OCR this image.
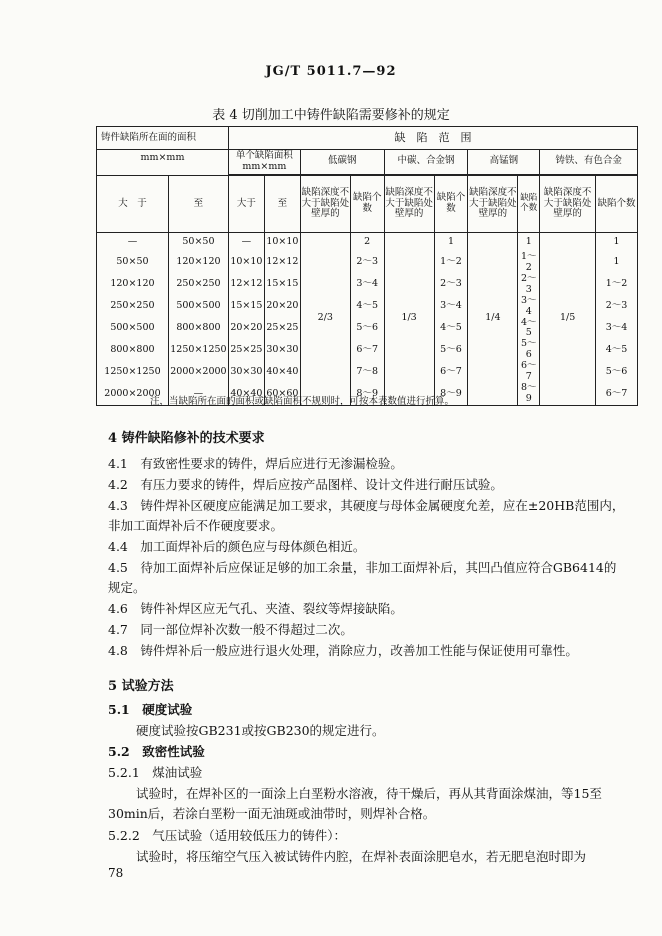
JG/T 5011.7—92
表 4 切削加工中铸件缺陷需要修补的规定
铸件缺陷所在面的面积		缺　陷　范　围									
mm×mm		单个缺陷面积
mm×mm		低碳钢		中碳、合金钢		高锰钢		铸铁、有色合金	

大　于	至	大于	至	缺陷深度不大于缺陷处壁厚的	缺陷个数	缺陷深度不大于缺陷处壁厚的	缺陷个数	缺陷深度不大于缺陷处壁厚的	缺陷个数	缺陷深度不大于缺陷处壁厚的	缺陷个数
—	50×50	—	10×10	2/3	2	1/3	1	1/4	1	1/5	1
50×50	120×120	10×10	12×12		2～3		1～2		1～2		1
120×120	250×250	12×12	15×15		3～4		2～3		2～3		1～2
250×250	500×500	15×15	20×20		4～5		3～4		3～4		2～3
500×500	800×800	20×20	25×25		5～6		4～5		4～5		3～4
800×800	1250×1250	25×25	30×30		6～7		5～6		5～6		4～5
1250×1250	2000×2000	30×30	40×40		7～8		6～7		6～7		5～6
2000×2000	—	40×40	60×60		8～9		8～9		8～9		6～7
注，当缺陷所在面的面积或缺陷面积不规则时，可按本表数值进行折算。
4 铸件缺陷修补的技术要求
4.1　有致密性要求的铸件，焊后应进行无渗漏检验。
4.2　有压力要求的铸件，焊后应按产品图样、设计文件进行耐压试验。
4.3　铸件焊补区硬度应能满足加工要求，其硬度与母体金属硬度允差，应在±20HB范围内，非加工面焊补后不作硬度要求。
4.4　加工面焊补后的颜色应与母体颜色相近。
4.5　待加工面焊补后应保证足够的加工余量，非加工面焊补后，其凹凸值应符合GB6414的规定。
4.6　铸件补焊区应无气孔、夹渣、裂纹等焊接缺陷。
4.7　同一部位焊补次数一般不得超过二次。
4.8　铸件焊补后一般应进行退火处理，消除应力，改善加工性能与保证使用可靠性。
5 试验方法
5.1　硬度试验
硬度试验按GB231或按GB230的规定进行。
5.2　致密性试验
5.2.1　煤油试验
试验时，在焊补区的一面涂上白垩粉水溶液，待干燥后，再从其背面涂煤油，等15至30min后，若涂白垩粉一面无油斑或油带时，则焊补合格。
5.2.2　气压试验（适用较低压力的铸件）：
试验时，将压缩空气压入被试铸件内腔，在焊补表面涂肥皂水，若无肥皂泡时即为
78
